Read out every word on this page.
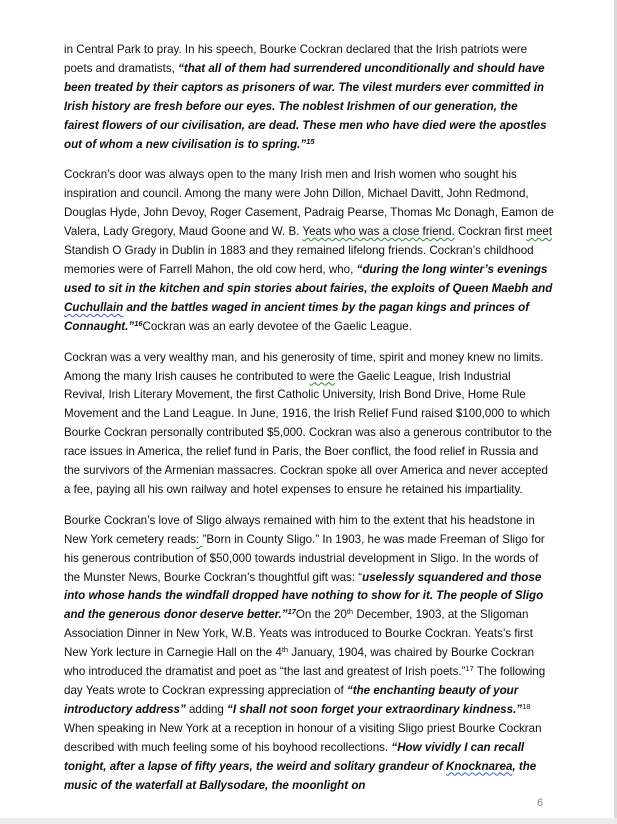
in Central Park to pray. In his speech, Bourke Cockran declared that the Irish patriots were poets and dramatists, “that all of them had surrendered unconditionally and should have been treated by their captors as prisoners of war. The vilest murders ever committed in Irish history are fresh before our eyes. The noblest Irishmen of our generation, the fairest flowers of our civilisation, are dead. These men who have died were the apostles out of whom a new civilisation is to spring.”$^{15}$

Cockran’s door was always open to the many Irish men and Irish women who sought his inspiration and council. Among the many were John Dillon, Michael Davitt, John Redmond, Douglas Hyde, John Devoy, Roger Casement, Padraig Pearse, Thomas Mc Donagh, Eamon de Valera, Lady Gregory, Maud Goone and W. B. Yeats who was a close friend. Cockran first meet Standish O Grady in Dublin in 1883 and they remained lifelong friends. Cockran’s childhood memories were of Farrell Mahon, the old cow herd, who, “during the long winter’s evenings used to sit in the kitchen and spin stories about fairies, the exploits of Queen Maebh and Cuchullain and the battles waged in ancient times by the pagan kings and princes of Connaught.”$^{16}$Cockran was an early devotee of the Gaelic League.

Cockran was a very wealthy man, and his generosity of time, spirit and money knew no limits. Among the many Irish causes he contributed to were the Gaelic League, Irish Industrial Revival, Irish Literary Movement, the first Catholic University, Irish Bond Drive, Home Rule Movement and the Land League. In June, 1916, the Irish Relief Fund raised $100,000 to which Bourke Cockran personally contributed $5,000. Cockran was also a generous contributor to the race issues in America, the relief fund in Paris, the Boer conflict, the food relief in Russia and the survivors of the Armenian massacres. Cockran spoke all over America and never accepted a fee, paying all his own railway and hotel expenses to ensure he retained his impartiality.

Bourke Cockran’s love of Sligo always remained with him to the extent that his headstone in New York cemetery reads: ”Born in County Sligo.” In 1903, he was made Freeman of Sligo for his generous contribution of $50,000 towards industrial development in Sligo. In the words of the Munster News, Bourke Cockran’s thoughtful gift was: “uselessly squandered and those into whose hands the windfall dropped have nothing to show for it. The people of Sligo and the generous donor deserve better.”$^{17}$On the 20th December, 1903, at the Sligoman Association Dinner in New York, W.B. Yeats was introduced to Bourke Cockran. Yeats’s first New York lecture in Carnegie Hall on the 4th January, 1904, was chaired by Bourke Cockran who introduced the dramatist and poet as “the last and greatest of Irish poets.”$^{17}$ The following day Yeats wrote to Cockran expressing appreciation of “the enchanting beauty of your introductory address” adding “I shall not soon forget your extraordinary kindness.”$^{18}$ When speaking in New York at a reception in honour of a visiting Sligo priest Bourke Cockran described with much feeling some of his boyhood recollections. “How vividly I can recall tonight, after a lapse of fifty years, the weird and solitary grandeur of Knocknarea, the music of the waterfall at Ballysodare, the moonlight on

6
